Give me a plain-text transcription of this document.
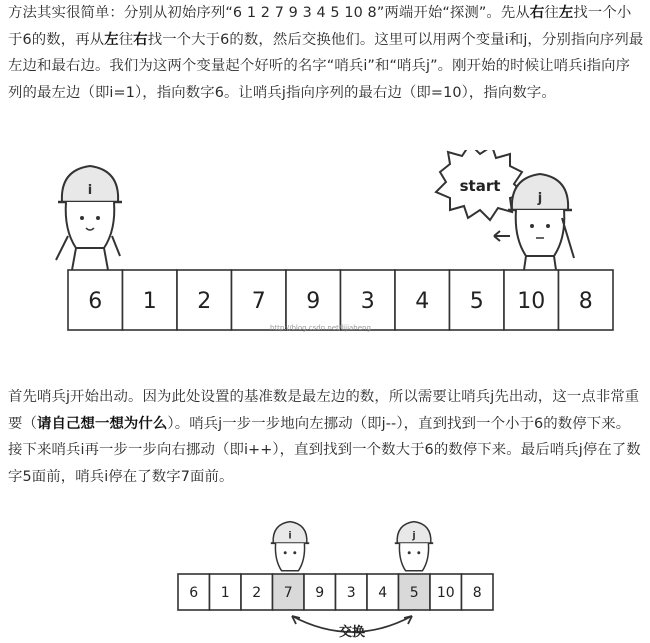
方法其实很简单：分别从初始序列“6 1 2 7 9 3 4 5 10 8”两端开始“探测”。先从右往左找一个小于6的数，再从左往右找一个大于6的数，然后交换他们。这里可以用两个变量i和j，分别指向序列最左边和最右边。我们为这两个变量起个好听的名字“哨兵i”和“哨兵j”。刚开始的时候让哨兵i指向序列的最左边（即i=1），指向数字6。让哨兵j指向序列的最右边（即=10），指向数字。
i	start
j
6 1 2 7 9 3 4 5 10 8
http://blog.csdn.net/lijiaheng
首先哨兵j开始出动。因为此处设置的基准数是最左边的数，所以需要让哨兵j先出动，这一点非常重要（请自己想一想为什么）。哨兵j一步一步地向左挪动（即j--），直到找到一个小于6的数停下来。接下来哨兵i再一步一步向右挪动（即i++），直到找到一个数大于6的数停下来。最后哨兵j停在了数字5面前，哨兵i停在了数字7面前。
i	j
6 1 2 7 9 3 4 5 10 8
交换
